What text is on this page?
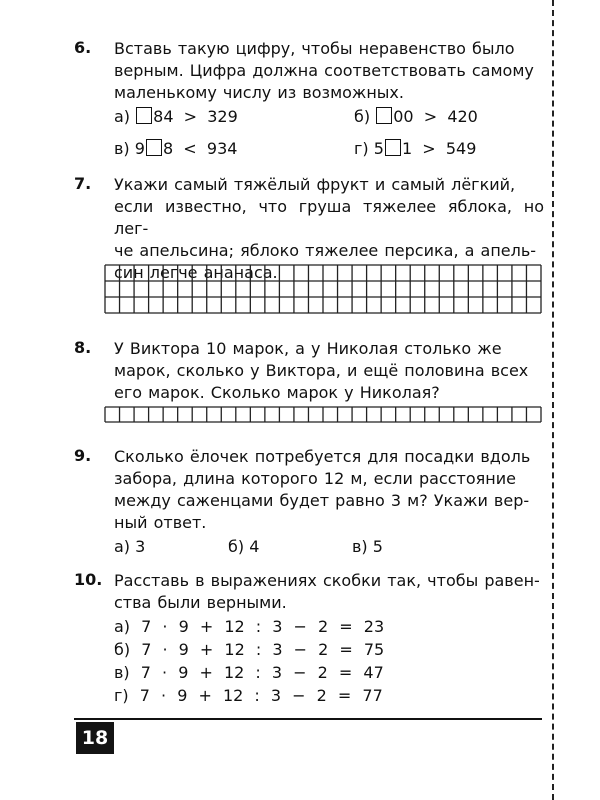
6.	Вставь такую цифру, чтобы неравенство было
верным. Цифра должна соответствовать самому
маленькому числу из возможных.
а) 84  >  329	б) 00  >  420
в) 9 8  <  934	г) 5 1  >  549
7.	Укажи самый тяжёлый фрукт и самый лёгкий,
если известно, что груша тяжелее яблока, но лег-
че апельсина; яблоко тяжелее персика, а апель-
син легче ананаса.
8.	У Виктора 10 марок, а у Николая столько же
марок, сколько у Виктора, и ещё половина всех
его марок. Сколько марок у Николая?
9.	Сколько ёлочек потребуется для посадки вдоль
забора, длина которого 12 м, если расстояние
между саженцами будет равно 3 м? Укажи вер-
ный ответ.
а) 3	б) 4	в) 5
10. Расставь в выражениях скобки так, чтобы равен-
ства были верными.
а) 7 · 9 + 12 : 3 − 2 = 23
б) 7 · 9 + 12 : 3 − 2 = 75
в) 7 · 9 + 12 : 3 − 2 = 47
г) 7 · 9 + 12 : 3 − 2 = 77
18
